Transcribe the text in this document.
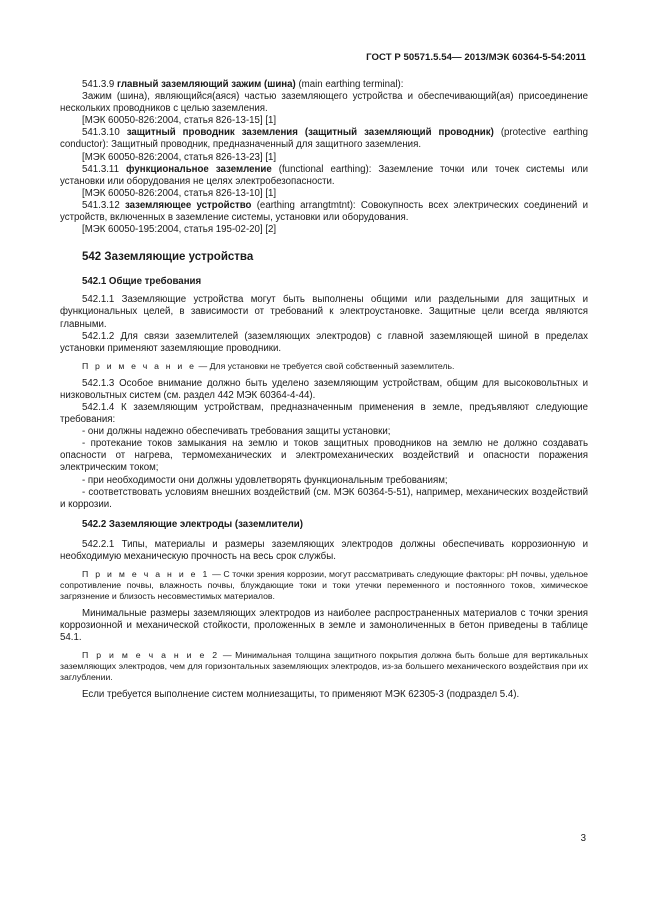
ГОСТ Р 50571.5.54— 2013/МЭК 60364-5-54:2011

541.3.9 главный заземляющий зажим (шина) (main earthing terminal):

Зажим (шина), являющийся(аяся) частью заземляющего устройства и обеспечивающий(ая) присоединение нескольких проводников с целью заземления.

[МЭК 60050-826:2004, статья 826-13-15] [1]

541.3.10 защитный проводник заземления (защитный заземляющий проводник) (protective earthing conductor): Защитный проводник, предназначенный для защитного заземления.

[МЭК 60050-826:2004, статья 826-13-23] [1]

541.3.11 функциональное заземление (functional earthing): Заземление точки или точек системы или установки или оборудования не целях электробезопасности.

[МЭК 60050-826:2004, статья 826-13-10] [1]

541.3.12 заземляющее устройство (earthing arrangtmtnt): Совокупность всех электрических соединений и устройств, включенных в заземление системы, установки или оборудования.

[МЭК 60050-195:2004, статья 195-02-20] [2]

542 Заземляющие устройства
542.1 Общие требования

542.1.1 Заземляющие устройства могут быть выполнены общими или раздельными для защитных и функциональных целей, в зависимости от требований к электроустановке. Защитные цели всегда являются главными.

542.1.2 Для связи заземлителей (заземляющих электродов) с главной заземляющей шиной в пределах установки применяют заземляющие проводники.

П р и м е ч а н и е — Для установки не требуется свой собственный заземлитель.

542.1.3 Особое внимание должно быть уделено заземляющим устройствам, общим для высоковольтных и низковольтных систем (см. раздел 442 МЭК 60364-4-44).

542.1.4 К заземляющим устройствам, предназначенным применения в земле, предъявляют следующие требования:

- они должны надежно обеспечивать требования защиты установки;

- протекание токов замыкания на землю и токов защитных проводников на землю не должно создавать опасности от нагрева, термомеханических и электромеханических воздействий и опасности поражения электрическим током;

- при необходимости они должны удовлетворять функциональным требованиям;

- соответствовать условиям внешних воздействий (см. МЭК 60364-5-51), например, механических воздействий и коррозии.

542.2 Заземляющие электроды (заземлители)

542.2.1 Типы, материалы и размеры заземляющих электродов должны обеспечивать коррозионную и необходимую механическую прочность на весь срок службы.

П р и м е ч а н и е 1 — С точки зрения коррозии, могут рассматривать следующие факторы: рН почвы, удельное сопротивление почвы, влажность почвы, блуждающие токи и токи утечки переменного и постоянного токов, химическое загрязнение и близость несовместимых материалов.

Минимальные размеры заземляющих электродов из наиболее распространенных материалов с точки зрения коррозионной и механической стойкости, проложенных в земле и замоноличенных в бетон приведены в таблице 54.1.

П р и м е ч а н и е 2 — Минимальная толщина защитного покрытия должна быть больше для вертикальных заземляющих электродов, чем для горизонтальных заземляющих электродов, из-за большего механического воздействия при их заглублении.

Если требуется выполнение систем молниезащиты, то применяют МЭК 62305-3 (подраздел 5.4).

3
